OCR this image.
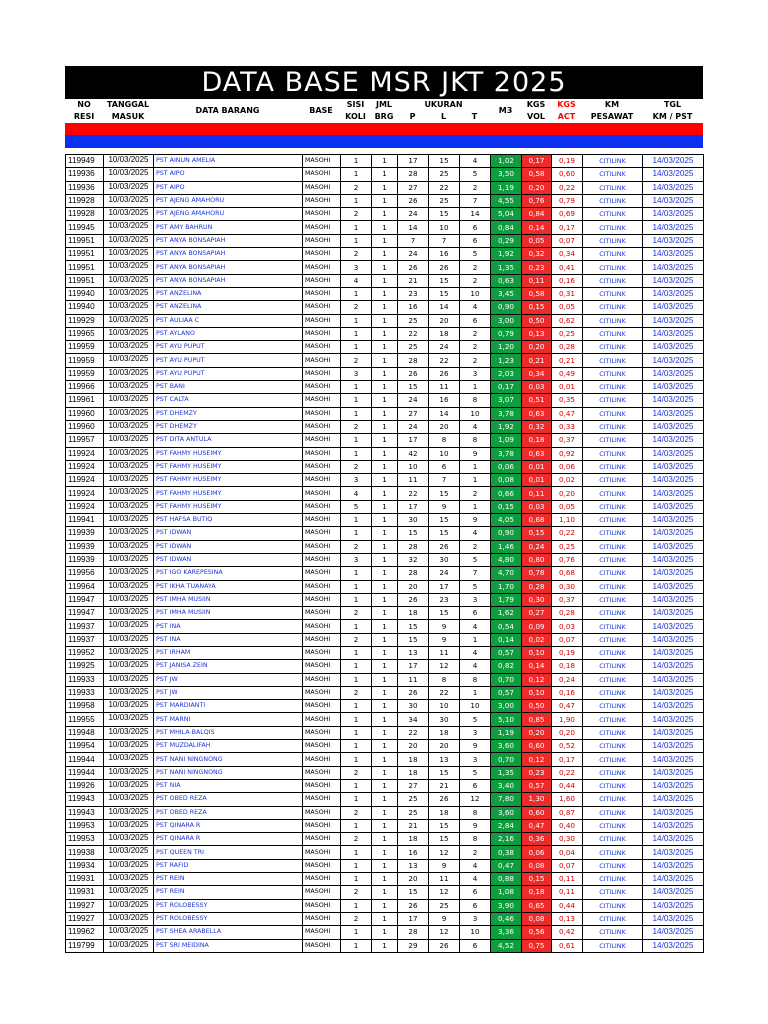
DATA BASE MSR JKT 2025
NO	TANGGAL	DATA BARANG	BASE	SISI	JML	UKURAN			M3	KGS	KGS	KM	TGL
RESI	MASUK			KOLI	BRG	P	L	T		VOL	ACT	PESAWAT	KM / PST
119949	10/03/2025	PST AINUN AMELIA	MASOHI	1	1	17	15	4	1,02	0,17	0,19	CITILINK	14/03/2025
119936	10/03/2025	PST AIPO	MASOHI	1	1	28	25	5	3,50	0,58	0,60	CITILINK	14/03/2025
119936	10/03/2025	PST AIPO	MASOHI	2	1	27	22	2	1,19	0,20	0,22	CITILINK	14/03/2025
119928	10/03/2025	PST AJENG AMAHORU	MASOHI	1	1	26	25	7	4,55	0,76	0,79	CITILINK	14/03/2025
119928	10/03/2025	PST AJENG AMAHORU	MASOHI	2	1	24	15	14	5,04	0,84	0,69	CITILINK	14/03/2025
119945	10/03/2025	PST AMY BAHRUN	MASOHI	1	1	14	10	6	0,84	0,14	0,17	CITILINK	14/03/2025
119951	10/03/2025	PST ANYA BONSAPIAH	MASOHI	1	1	7	7	6	0,29	0,05	0,07	CITILINK	14/03/2025
119951	10/03/2025	PST ANYA BONSAPIAH	MASOHI	2	1	24	16	5	1,92	0,32	0,34	CITILINK	14/03/2025
119951	10/03/2025	PST ANYA BONSAPIAH	MASOHI	3	1	26	26	2	1,35	0,23	0,41	CITILINK	14/03/2025
119951	10/03/2025	PST ANYA BONSAPIAH	MASOHI	4	1	21	15	2	0,63	0,11	0,16	CITILINK	14/03/2025
119940	10/03/2025	PST ANZELINA	MASOHI	1	1	23	15	10	3,45	0,58	0,31	CITILINK	14/03/2025
119940	10/03/2025	PST ANZELINA	MASOHI	2	1	16	14	4	0,90	0,15	0,05	CITILINK	14/03/2025
119929	10/03/2025	PST AULIAA C	MASOHI	1	1	25	20	6	3,00	0,50	0,62	CITILINK	14/03/2025
119965	10/03/2025	PST AYLANO	MASOHI	1	1	22	18	2	0,79	0,13	0,25	CITILINK	14/03/2025
119959	10/03/2025	PST AYU PUPUT	MASOHI	1	1	25	24	2	1,20	0,20	0,28	CITILINK	14/03/2025
119959	10/03/2025	PST AYU PUPUT	MASOHI	2	1	28	22	2	1,23	0,21	0,21	CITILINK	14/03/2025
119959	10/03/2025	PST AYU PUPUT	MASOHI	3	1	26	26	3	2,03	0,34	0,49	CITILINK	14/03/2025
119966	10/03/2025	PST BANI	MASOHI	1	1	15	11	1	0,17	0,03	0,01	CITILINK	14/03/2025
119961	10/03/2025	PST CALTA	MASOHI	1	1	24	16	8	3,07	0,51	0,35	CITILINK	14/03/2025
119960	10/03/2025	PST DHEMZY	MASOHI	1	1	27	14	10	3,78	0,63	0,47	CITILINK	14/03/2025
119960	10/03/2025	PST DHEMZY	MASOHI	2	1	24	20	4	1,92	0,32	0,33	CITILINK	14/03/2025
119957	10/03/2025	PST DITA ANTULA	MASOHI	1	1	17	8	8	1,09	0,18	0,37	CITILINK	14/03/2025
119924	10/03/2025	PST FAHMY HUSEIMY	MASOHI	1	1	42	10	9	3,78	0,63	0,92	CITILINK	14/03/2025
119924	10/03/2025	PST FAHMY HUSEIMY	MASOHI	2	1	10	6	1	0,06	0,01	0,06	CITILINK	14/03/2025
119924	10/03/2025	PST FAHMY HUSEIMY	MASOHI	3	1	11	7	1	0,08	0,01	0,02	CITILINK	14/03/2025
119924	10/03/2025	PST FAHMY HUSEIMY	MASOHI	4	1	22	15	2	0,66	0,11	0,20	CITILINK	14/03/2025
119924	10/03/2025	PST FAHMY HUSEIMY	MASOHI	5	1	17	9	1	0,15	0,03	0,05	CITILINK	14/03/2025
119941	10/03/2025	PST HAFSA BUTIQ	MASOHI	1	1	30	15	9	4,05	0,68	1,10	CITILINK	14/03/2025
119939	10/03/2025	PST IDWAN	MASOHI	1	1	15	15	4	0,90	0,15	0,22	CITILINK	14/03/2025
119939	10/03/2025	PST IDWAN	MASOHI	2	1	28	26	2	1,46	0,24	0,25	CITILINK	14/03/2025
119939	10/03/2025	PST IDWAN	MASOHI	3	1	32	30	5	4,80	0,80	0,76	CITILINK	14/03/2025
119956	10/03/2025	PST IGO KAREPESINA	MASOHI	1	1	28	24	7	4,70	0,78	0,68	CITILINK	14/03/2025
119964	10/03/2025	PST IKHA TUANAYA	MASOHI	1	1	20	17	5	1,70	0,28	0,30	CITILINK	14/03/2025
119947	10/03/2025	PST IMHA MUSIIN	MASOHI	1	1	26	23	3	1,79	0,30	0,37	CITILINK	14/03/2025
119947	10/03/2025	PST IMHA MUSIIN	MASOHI	2	1	18	15	6	1,62	0,27	0,28	CITILINK	14/03/2025
119937	10/03/2025	PST INA	MASOHI	1	1	15	9	4	0,54	0,09	0,03	CITILINK	14/03/2025
119937	10/03/2025	PST INA	MASOHI	2	1	15	9	1	0,14	0,02	0,07	CITILINK	14/03/2025
119952	10/03/2025	PST IRHAM	MASOHI	1	1	13	11	4	0,57	0,10	0,19	CITILINK	14/03/2025
119925	10/03/2025	PST JANISA ZEIN	MASOHI	1	1	17	12	4	0,82	0,14	0,18	CITILINK	14/03/2025
119933	10/03/2025	PST JW	MASOHI	1	1	11	8	8	0,70	0,12	0,24	CITILINK	14/03/2025
119933	10/03/2025	PST JW	MASOHI	2	1	26	22	1	0,57	0,10	0,16	CITILINK	14/03/2025
119958	10/03/2025	PST MARDIANTI	MASOHI	1	1	30	10	10	3,00	0,50	0,47	CITILINK	14/03/2025
119955	10/03/2025	PST MARNI	MASOHI	1	1	34	30	5	5,10	0,85	1,90	CITILINK	14/03/2025
119948	10/03/2025	PST MHILA BALQIS	MASOHI	1	1	22	18	3	1,19	0,20	0,20	CITILINK	14/03/2025
119954	10/03/2025	PST MUZDALIFAH	MASOHI	1	1	20	20	9	3,60	0,60	0,52	CITILINK	14/03/2025
119944	10/03/2025	PST NANI NINGNONG	MASOHI	1	1	18	13	3	0,70	0,12	0,17	CITILINK	14/03/2025
119944	10/03/2025	PST NANI NINGNONG	MASOHI	2	1	18	15	5	1,35	0,23	0,22	CITILINK	14/03/2025
119926	10/03/2025	PST NIA	MASOHI	1	1	27	21	6	3,40	0,57	0,44	CITILINK	14/03/2025
119943	10/03/2025	PST OBED REZA	MASOHI	1	1	25	26	12	7,80	1,30	1,60	CITILINK	14/03/2025
119943	10/03/2025	PST OBED REZA	MASOHI	2	1	25	18	8	3,60	0,60	0,87	CITILINK	14/03/2025
119953	10/03/2025	PST QINARA R	MASOHI	1	1	21	15	9	2,84	0,47	0,40	CITILINK	14/03/2025
119953	10/03/2025	PST QINARA R	MASOHI	2	1	18	15	8	2,16	0,36	0,30	CITILINK	14/03/2025
119938	10/03/2025	PST QUEEN TRI	MASOHI	1	1	16	12	2	0,38	0,06	0,04	CITILINK	14/03/2025
119934	10/03/2025	PST RAFID	MASOHI	1	1	13	9	4	0,47	0,08	0,07	CITILINK	14/03/2025
119931	10/03/2025	PST REIN	MASOHI	1	1	20	11	4	0,88	0,15	0,11	CITILINK	14/03/2025
119931	10/03/2025	PST REIN	MASOHI	2	1	15	12	6	1,08	0,18	0,11	CITILINK	14/03/2025
119927	10/03/2025	PST ROLOBESSY	MASOHI	1	1	26	25	6	3,90	0,65	0,44	CITILINK	14/03/2025
119927	10/03/2025	PST ROLOBESSY	MASOHI	2	1	17	9	3	0,46	0,08	0,13	CITILINK	14/03/2025
119962	10/03/2025	PST SHEA ARABELLA	MASOHI	1	1	28	12	10	3,36	0,56	0,42	CITILINK	14/03/2025
119799	10/03/2025	PST SRI MEIDINA	MASOHI	1	1	29	26	6	4,52	0,75	0,61	CITILINK	14/03/2025
